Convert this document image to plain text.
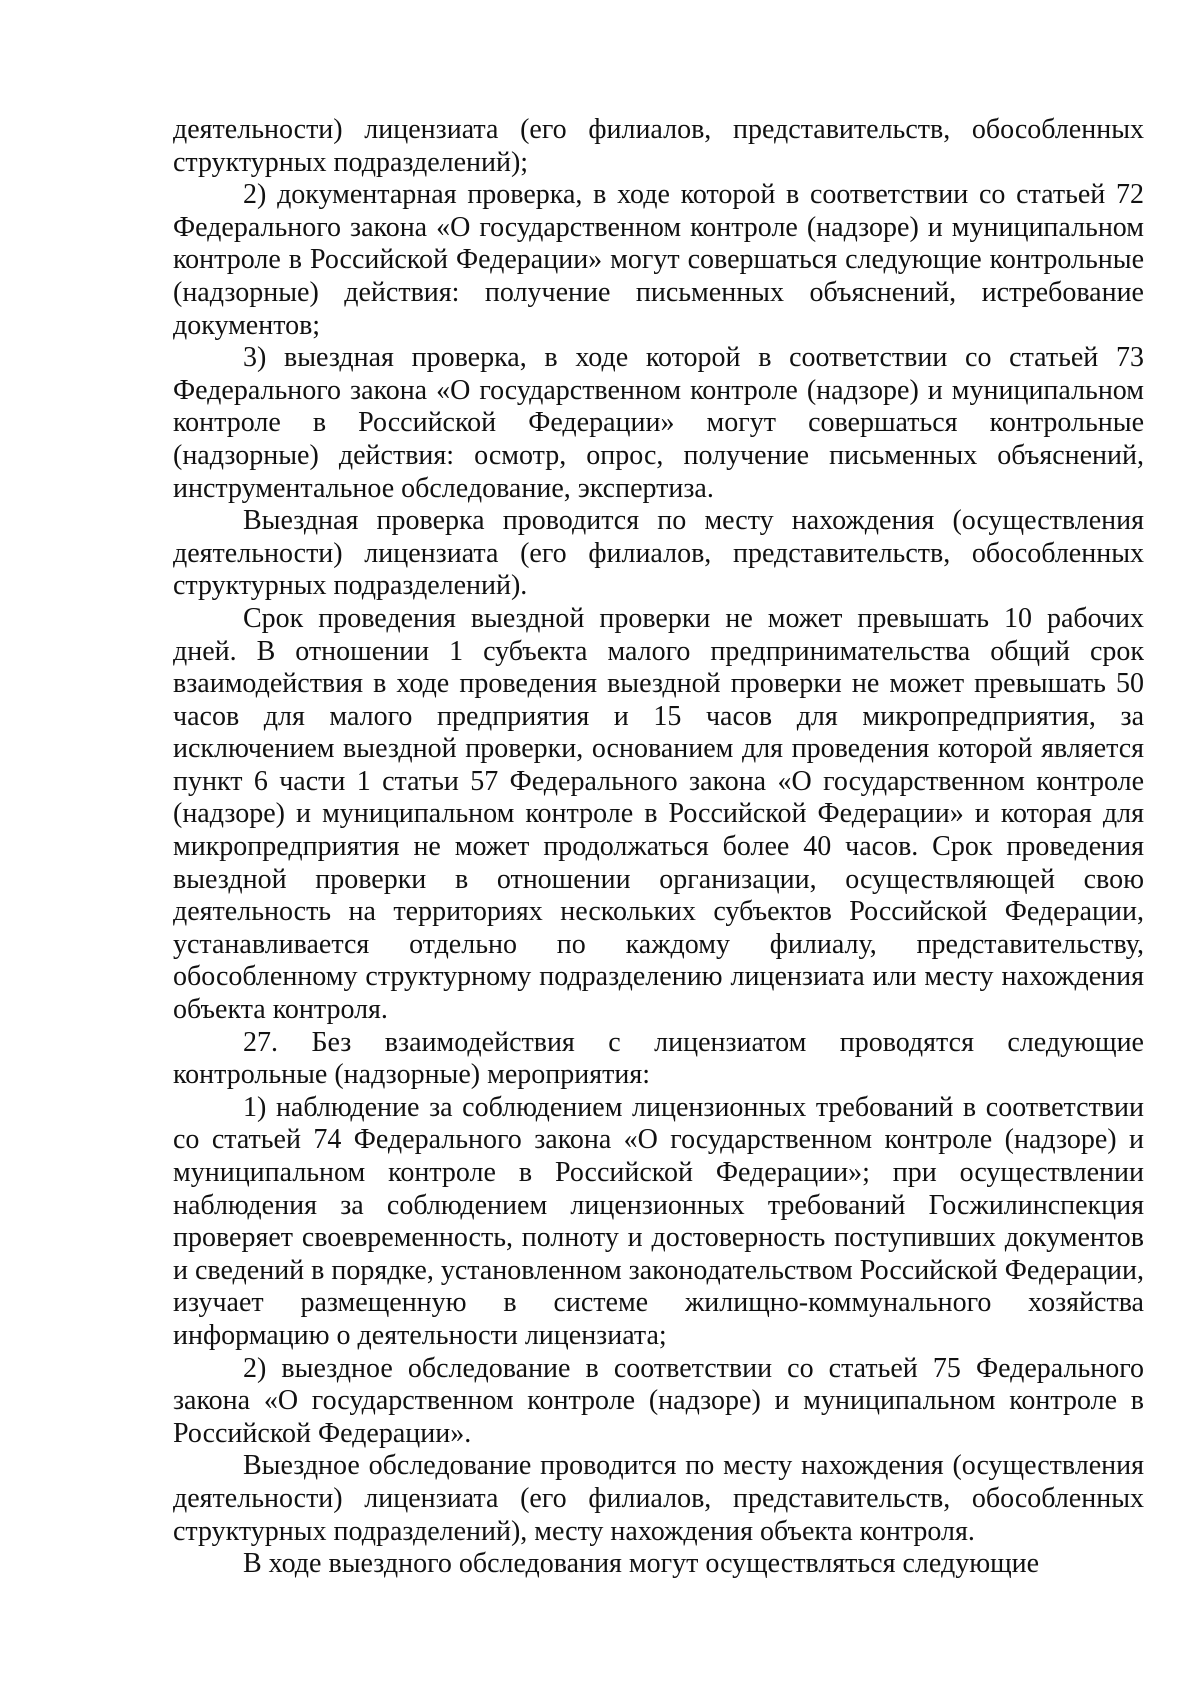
деятельности) лицензиата (его филиалов, представительств, обособленных структурных подразделений);

2) документарная проверка, в ходе которой в соответствии со статьей 72 Федерального закона «О государственном контроле (надзоре) и муниципальном контроле в Российской Федерации» могут совершаться следующие контрольные (надзорные) действия: получение письменных объяснений, истребование документов;

3) выездная проверка, в ходе которой в соответствии со статьей 73 Федерального закона «О государственном контроле (надзоре) и муниципальном контроле в Российской Федерации» могут совершаться контрольные (надзорные) действия: осмотр, опрос, получение письменных объяснений, инструментальное обследование, экспертиза.

Выездная проверка проводится по месту нахождения (осуществления деятельности) лицензиата (его филиалов, представительств, обособленных структурных подразделений).

Срок проведения выездной проверки не может превышать 10 рабочих дней. В отношении 1 субъекта малого предпринимательства общий срок взаимодействия в ходе проведения выездной проверки не может превышать 50 часов для малого предприятия и 15 часов для микропредприятия, за исключением выездной проверки, основанием для проведения которой является пункт 6 части 1 статьи 57 Федерального закона «О государственном контроле (надзоре) и муниципальном контроле в Российской Федерации» и которая для микропредприятия не может продолжаться более 40 часов. Срок проведения выездной проверки в отношении организации, осуществляющей свою деятельность на территориях нескольких субъектов Российской Федерации, устанавливается отдельно по каждому филиалу, представительству, обособленному структурному подразделению лицензиата или месту нахождения объекта контроля.

27. Без взаимодействия с лицензиатом проводятся следующие контрольные (надзорные) мероприятия:

1) наблюдение за соблюдением лицензионных требований в соответствии со статьей 74 Федерального закона «О государственном контроле (надзоре) и муниципальном контроле в Российской Федерации»; при осуществлении наблюдения за соблюдением лицензионных требований Госжилинспекция проверяет своевременность, полноту и достоверность поступивших документов и сведений в порядке, установленном законодательством Российской Федерации, изучает размещенную в системе жилищно-коммунального хозяйства информацию о деятельности лицензиата;

2) выездное обследование в соответствии со статьей 75 Федерального закона «О государственном контроле (надзоре) и муниципальном контроле в Российской Федерации».

Выездное обследование проводится по месту нахождения (осуществления деятельности) лицензиата (его филиалов, представительств, обособленных структурных подразделений), месту нахождения объекта контроля.

В ходе выездного обследования могут осуществляться следующие
